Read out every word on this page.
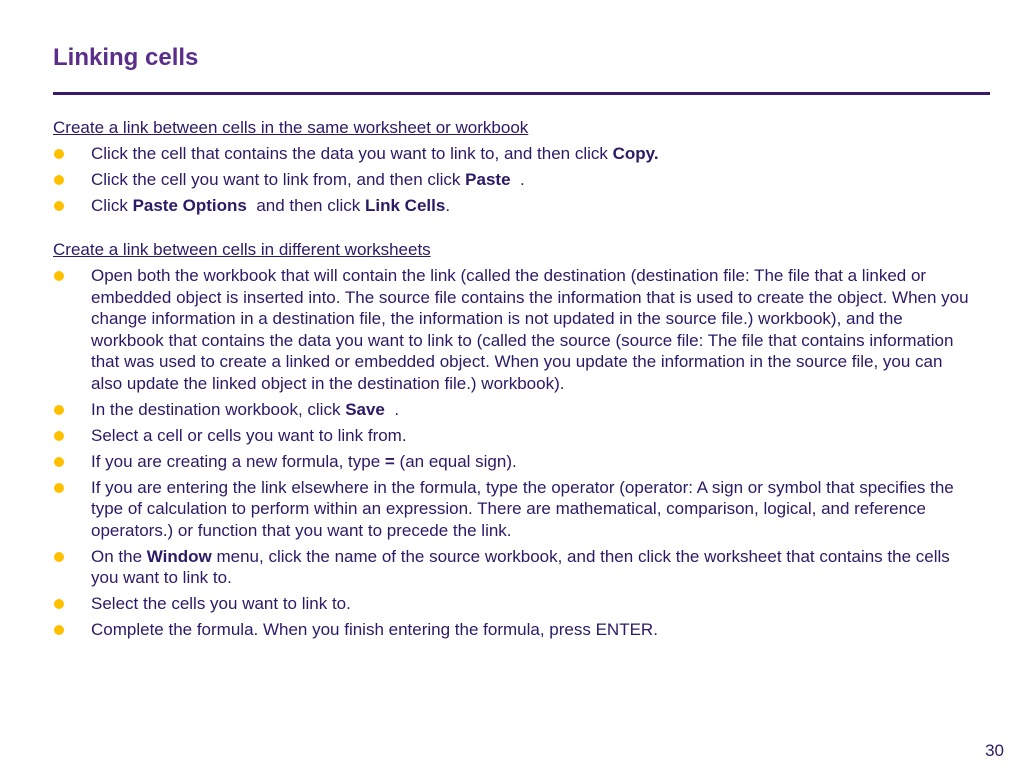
Linking cells
Create a link between cells in the same worksheet or workbook
Click the cell that contains the data you want to link to, and then click Copy.
Click the cell you want to link from, and then click Paste  .
Click Paste Options  and then click Link Cells.
Create a link between cells in different worksheets
Open both the workbook that will contain the link (called the destination (destination file: The file that a linked or embedded object is inserted into. The source file contains the information that is used to create the object. When you change information in a destination file, the information is not updated in the source file.) workbook), and the workbook that contains the data you want to link to (called the source (source file: The file that contains information that was used to create a linked or embedded object. When you update the information in the source file, you can also update the linked object in the destination file.) workbook).
In the destination workbook, click Save  .
Select a cell or cells you want to link from.
If you are creating a new formula, type = (an equal sign).
If you are entering the link elsewhere in the formula, type the operator (operator: A sign or symbol that specifies the type of calculation to perform within an expression. There are mathematical, comparison, logical, and reference operators.) or function that you want to precede the link.
On the Window menu, click the name of the source workbook, and then click the worksheet that contains the cells you want to link to.
Select the cells you want to link to.
Complete the formula. When you finish entering the formula, press ENTER.
30
